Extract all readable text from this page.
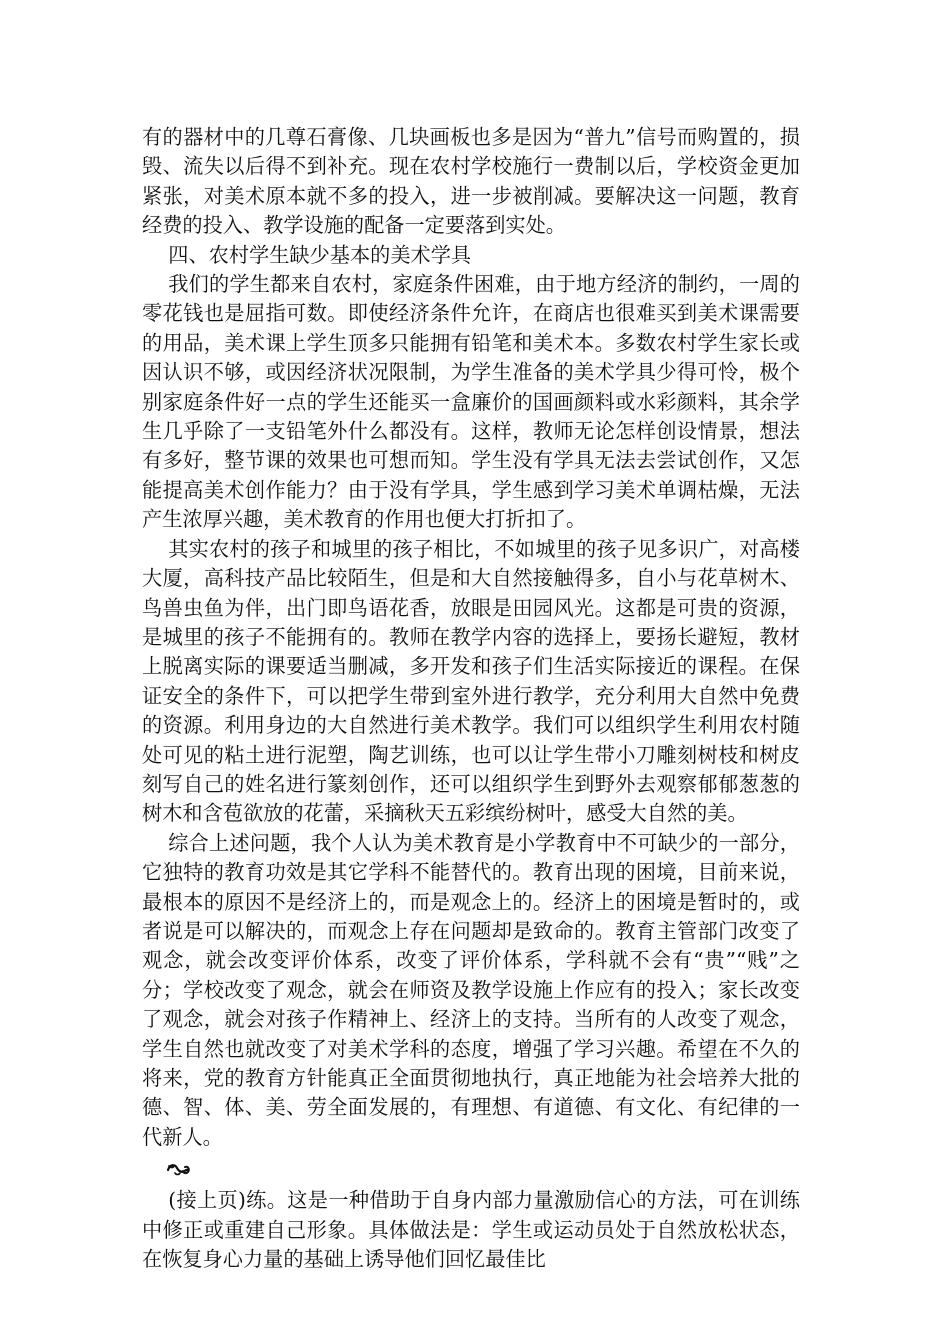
有的器材中的几尊石膏像、几块画板也多是因为“普九”信号而购置的，损毁、流失以后得不到补充。现在农村学校施行一费制以后，学校资金更加紧张，对美术原本就不多的投入，进一步被削减。要解决这一问题，教育经费的投入、教学设施的配备一定要落到实处。

四、农村学生缺少基本的美术学具

我们的学生都来自农村，家庭条件困难，由于地方经济的制约，一周的零花钱也是屈指可数。即使经济条件允许，在商店也很难买到美术课需要的用品，美术课上学生顶多只能拥有铅笔和美术本。多数农村学生家长或因认识不够，或因经济状况限制，为学生准备的美术学具少得可怜，极个别家庭条件好一点的学生还能买一盒廉价的国画颜料或水彩颜料，其余学生几乎除了一支铅笔外什么都没有。这样，教师无论怎样创设情景，想法有多好，整节课的效果也可想而知。学生没有学具无法去尝试创作，又怎能提高美术创作能力？由于没有学具，学生感到学习美术单调枯燥，无法产生浓厚兴趣，美术教育的作用也便大打折扣了。

其实农村的孩子和城里的孩子相比，不如城里的孩子见多识广，对高楼大厦，高科技产品比较陌生，但是和大自然接触得多，自小与花草树木、鸟兽虫鱼为伴，出门即鸟语花香，放眼是田园风光。这都是可贵的资源，是城里的孩子不能拥有的。教师在教学内容的选择上，要扬长避短，教材上脱离实际的课要适当删减，多开发和孩子们生活实际接近的课程。在保证安全的条件下，可以把学生带到室外进行教学，充分利用大自然中免费的资源。利用身边的大自然进行美术教学。我们可以组织学生利用农村随处可见的粘土进行泥塑，陶艺训练，也可以让学生带小刀雕刻树枝和树皮刻写自己的姓名进行篆刻创作，还可以组织学生到野外去观察郁郁葱葱的树木和含苞欲放的花蕾，采摘秋天五彩缤纷树叶，感受大自然的美。

综合上述问题，我个人认为美术教育是小学教育中不可缺少的一部分，它独特的教育功效是其它学科不能替代的。教育出现的困境，目前来说，最根本的原因不是经济上的，而是观念上的。经济上的困境是暂时的，或者说是可以解决的，而观念上存在问题却是致命的。教育主管部门改变了观念，就会改变评价体系，改变了评价体系，学科就不会有“贵”“贱”之分；学校改变了观念，就会在师资及教学设施上作应有的投入；家长改变了观念，就会对孩子作精神上、经济上的支持。当所有的人改变了观念，学生自然也就改变了对美术学科的态度，增强了学习兴趣。希望在不久的将来，党的教育方针能真正全面贯彻地执行，真正地能为社会培养大批的德、智、体、美、劳全面发展的，有理想、有道德、有文化、有纪律的一代新人。

(接上页)练。这是一种借助于自身内部力量激励信心的方法，可在训练中修正或重建自己形象。具体做法是：学生或运动员处于自然放松状态，在恢复身心力量的基础上诱导他们回忆最佳比
